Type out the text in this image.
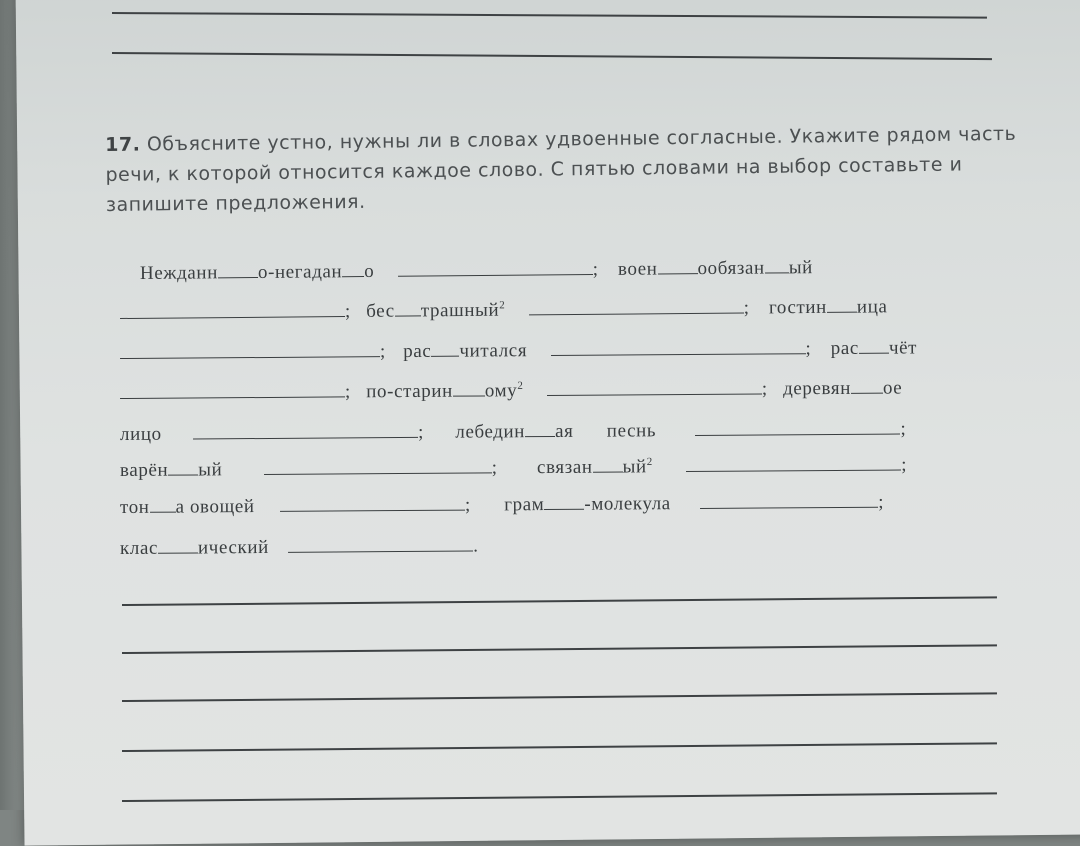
17. Объясните устно, нужны ли в словах удвоенные согласные. Укажите рядом часть речи, к которой относится каждое слово. С пятью словами на выбор составьте и запишите предложения.
Нежданн о-негадан о	; воен ообязан ый
; бес трашный$^2$	; гостин ица
; рас читался	; рас чёт
; по-старин ому$^2$	; деревян ое
лицо	; лебедин ая песнь	;
варён ый	; связан $ый^2$	;
тон а овощей	; грам -молекула	;
клас ический	.
